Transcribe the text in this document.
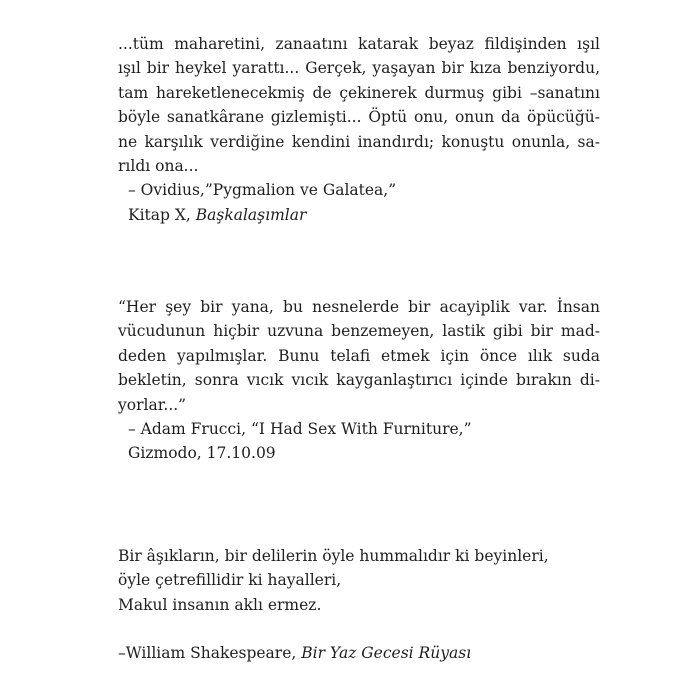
...tüm maharetini, zanaatını katarak beyaz fildişinden ışıl
ışıl bir heykel yarattı... Gerçek, yaşayan bir kıza benziyordu,
tam hareketlenecekmiş de çekinerek durmuş gibi –sanatını
böyle sanatkârane gizlemişti... Öptü onu, onun da öpücüğü-
ne karşılık verdiğine kendini inandırdı; konuştu onunla, sa-
rıldı ona...
– Ovidius,”Pygmalion ve Galatea,”
Kitap X, Başkalaşımlar
“Her şey bir yana, bu nesnelerde bir acayiplik var. İnsan
vücudunun hiçbir uzvuna benzemeyen, lastik gibi bir mad-
deden yapılmışlar. Bunu telafi etmek için önce ılık suda
bekletin, sonra vıcık vıcık kayganlaştırıcı içinde bırakın di-
yorlar...”
– Adam Frucci, “I Had Sex With Furniture,”
Gizmodo, 17.10.09
Bir âşıkların, bir delilerin öyle hummalıdır ki beyinleri,
öyle çetrefillidir ki hayalleri,
Makul insanın aklı ermez.
–William Shakespeare, Bir Yaz Gecesi Rüyası
